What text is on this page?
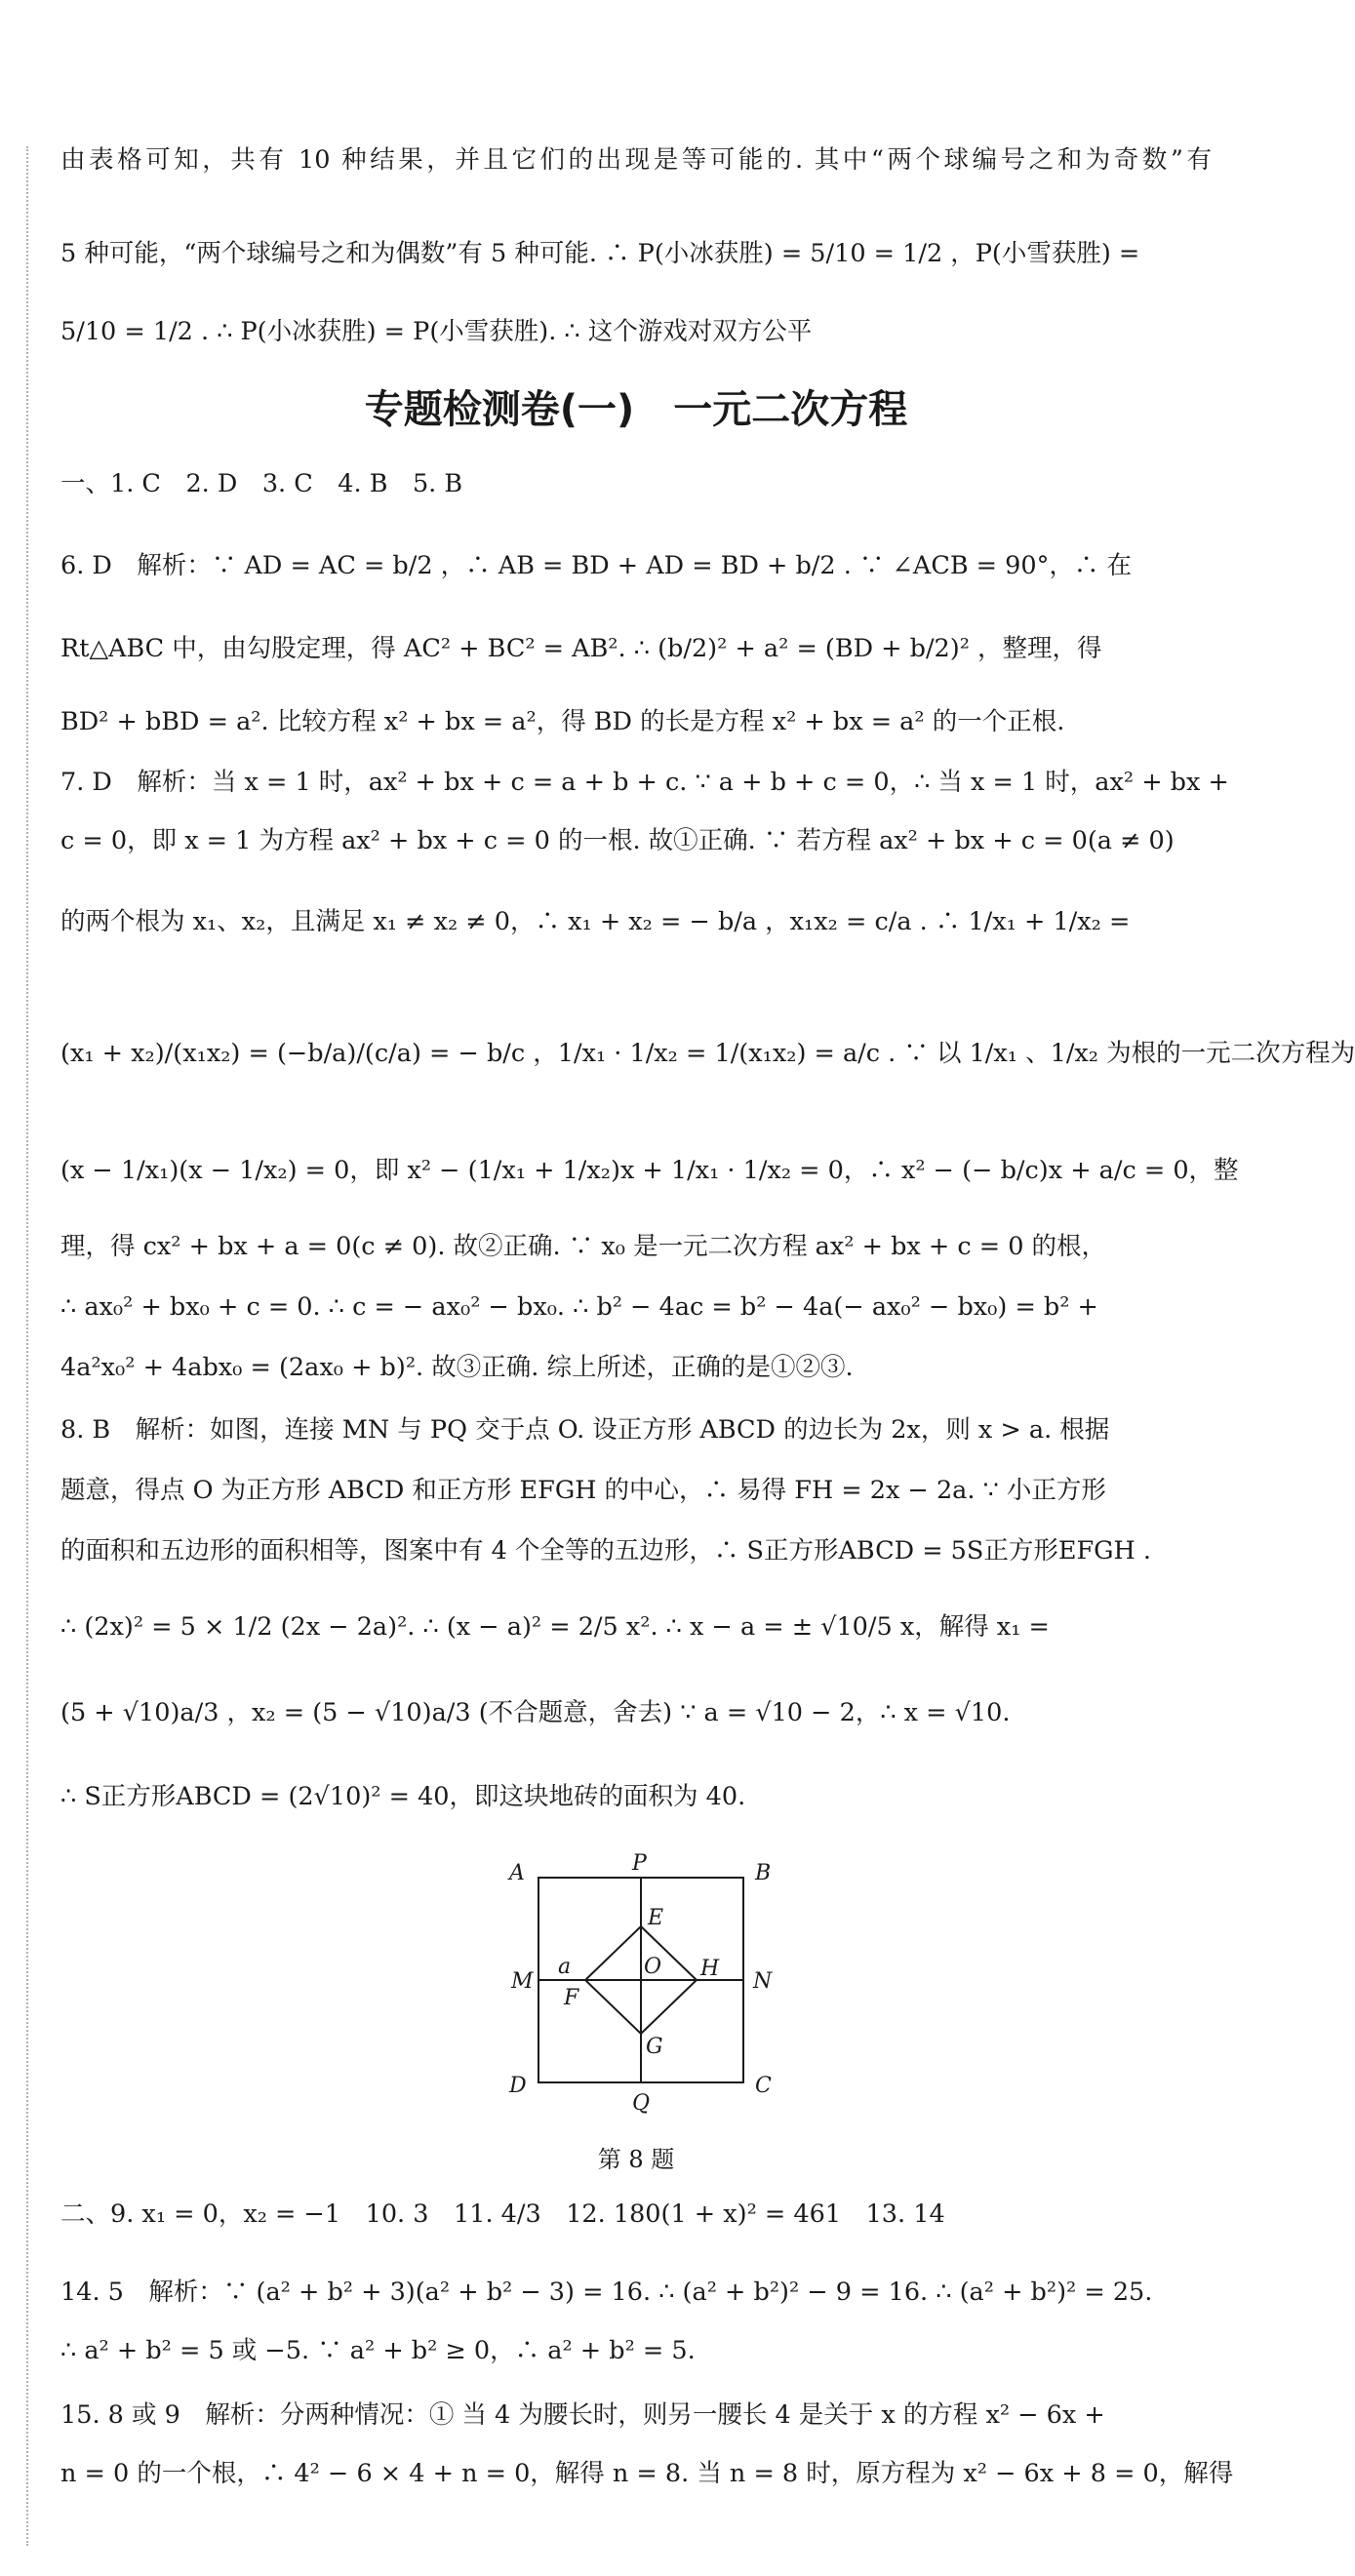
由表格可知，共有 10 种结果，并且它们的出现是等可能的. 其中“两个球编号之和为奇数”有
5 种可能，“两个球编号之和为偶数”有 5 种可能. ∴ P(小冰获胜) = 5/10 = 1/2 ，P(小雪获胜) =
5/10 = 1/2 . ∴ P(小冰获胜) = P(小雪获胜). ∴ 这个游戏对双方公平
专题检测卷(一)　一元二次方程
一、1. C　2. D　3. C　4. B　5. B
6. D　解析：∵ AD = AC = b/2 ，∴ AB = BD + AD = BD + b/2 . ∵ ∠ACB = 90°，∴ 在
Rt△ABC 中，由勾股定理，得 AC² + BC² = AB². ∴ (b/2)² + a² = (BD + b/2)² ，整理，得
BD² + bBD = a². 比较方程 x² + bx = a²，得 BD 的长是方程 x² + bx = a² 的一个正根.
7. D　解析：当 x = 1 时，ax² + bx + c = a + b + c. ∵ a + b + c = 0，∴ 当 x = 1 时，ax² + bx +
c = 0，即 x = 1 为方程 ax² + bx + c = 0 的一根. 故①正确. ∵ 若方程 ax² + bx + c = 0(a ≠ 0)
的两个根为 x₁、x₂，且满足 x₁ ≠ x₂ ≠ 0，∴ x₁ + x₂ = − b/a ，x₁x₂ = c/a . ∴ 1/x₁ + 1/x₂ =
(x₁ + x₂)/(x₁x₂) = (−b/a)/(c/a) = − b/c ，1/x₁ · 1/x₂ = 1/(x₁x₂) = a/c . ∵ 以 1/x₁ 、1/x₂ 为根的一元二次方程为
(x − 1/x₁)(x − 1/x₂) = 0，即 x² − (1/x₁ + 1/x₂)x + 1/x₁ · 1/x₂ = 0，∴ x² − (− b/c)x + a/c = 0，整
理，得 cx² + bx + a = 0(c ≠ 0). 故②正确. ∵ x₀ 是一元二次方程 ax² + bx + c = 0 的根，
∴ ax₀² + bx₀ + c = 0. ∴ c = − ax₀² − bx₀. ∴ b² − 4ac = b² − 4a(− ax₀² − bx₀) = b² +
4a²x₀² + 4abx₀ = (2ax₀ + b)². 故③正确. 综上所述，正确的是①②③.
8. B　解析：如图，连接 MN 与 PQ 交于点 O. 设正方形 ABCD 的边长为 2x，则 x > a. 根据
题意，得点 O 为正方形 ABCD 和正方形 EFGH 的中心，∴ 易得 FH = 2x − 2a. ∵ 小正方形
的面积和五边形的面积相等，图案中有 4 个全等的五边形，∴ S正方形ABCD = 5S正方形EFGH .
∴ (2x)² = 5 × 1/2 (2x − 2a)². ∴ (x − a)² = 2/5 x². ∴ x − a = ± √10/5 x，解得 x₁ =
(5 + √10)a/3 ，x₂ = (5 − √10)a/3 (不合题意，舍去) ∵ a = √10 − 2，∴ x = √10.
∴ S正方形ABCD = (2√10)² = 40，即这块地砖的面积为 40.
A	P	B
E
M
a	O H
N
F
G
D
Q
C
第 8 题
二、9. x₁ = 0，x₂ = −1　10. 3　11. 4/3　12. 180(1 + x)² = 461　13. 14
14. 5　解析：∵ (a² + b² + 3)(a² + b² − 3) = 16. ∴ (a² + b²)² − 9 = 16. ∴ (a² + b²)² = 25.
∴ a² + b² = 5 或 −5. ∵ a² + b² ≥ 0，∴ a² + b² = 5.
15. 8 或 9　解析：分两种情况：① 当 4 为腰长时，则另一腰长 4 是关于 x 的方程 x² − 6x +
n = 0 的一个根，∴ 4² − 6 × 4 + n = 0，解得 n = 8. 当 n = 8 时，原方程为 x² − 6x + 8 = 0，解得
